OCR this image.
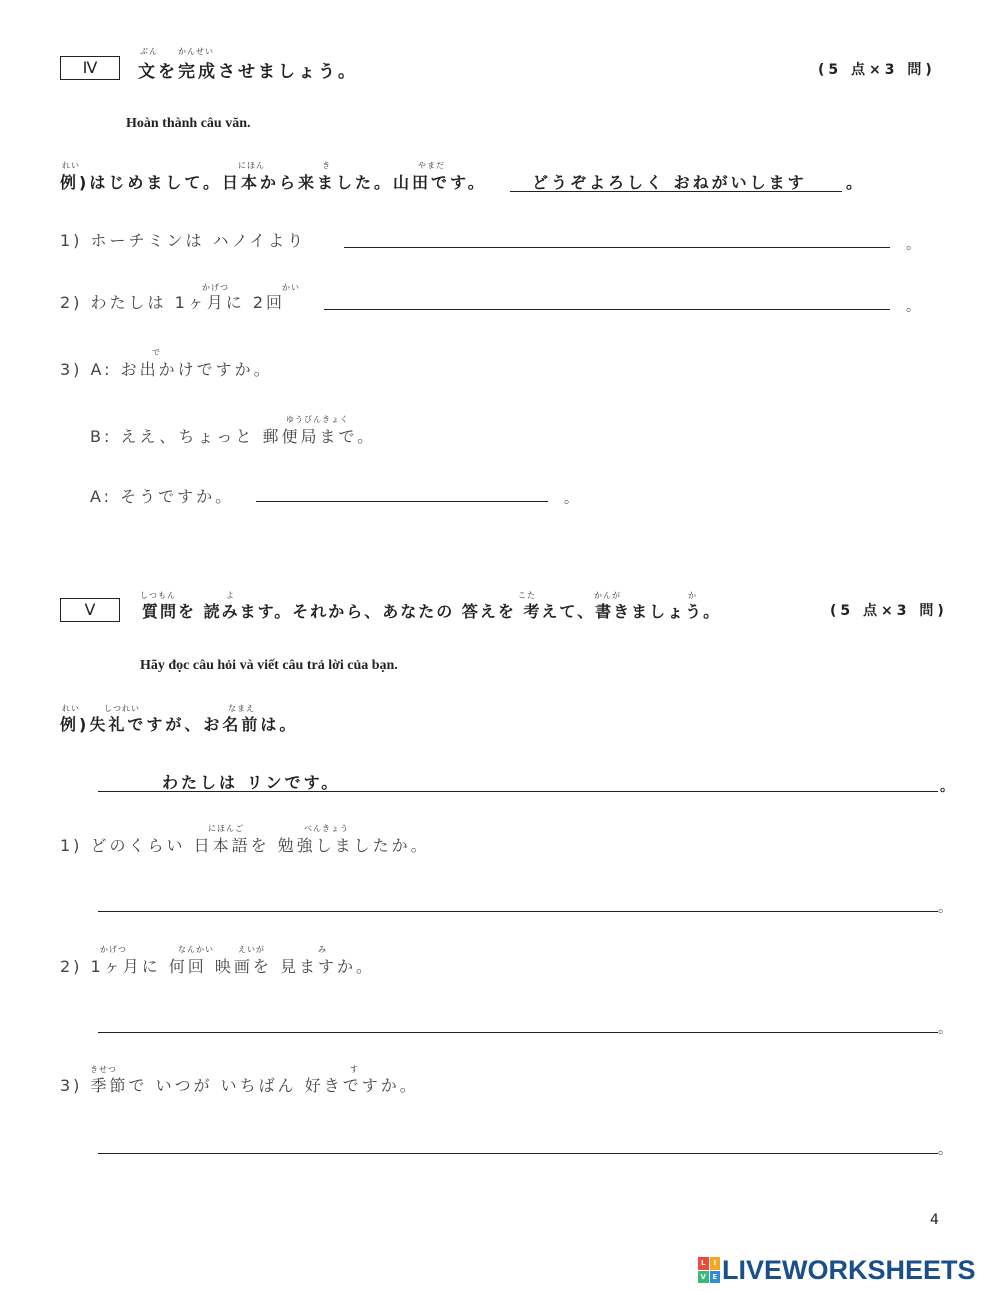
Ⅳ
ぶん	かんせい
文を完成させましょう。	(5 点×3 問)
Hoàn thành câu văn.
れい	にほん	き	やまだ
例)はじめまして。日本から来ました。山田です。	どうぞよろしく おねがいします 。
1) ホーチミンは ハノイより	。
かげつ	かい
2) わたしは 1ヶ月に 2回	。
で
3) A: お出かけですか。
ゆうびんきょく
B: ええ、ちょっと 郵便局まで。
A: そうですか。	。
Ⅴ
しつもん	よ	こた	かんが	か
質問を 読みます。それから、あなたの 答えを 考えて、書きましょう。	(5 点×3 問)
Hãy đọc câu hỏi và viết câu trả lời của bạn.
れい	しつれい	なまえ
例)失礼ですが、お名前は。
わたしは リンです。	。
にほんご	べんきょう
1) どのくらい 日本語を 勉強しましたか。
。
かげつ	なんかい	えいが	み
2) 1ヶ月に 何回 映画を 見ますか。
。
きせつ	す
3) 季節で いつが いちばん 好きですか。
。
4
L	I
V E LIVEWORKSHEETS
